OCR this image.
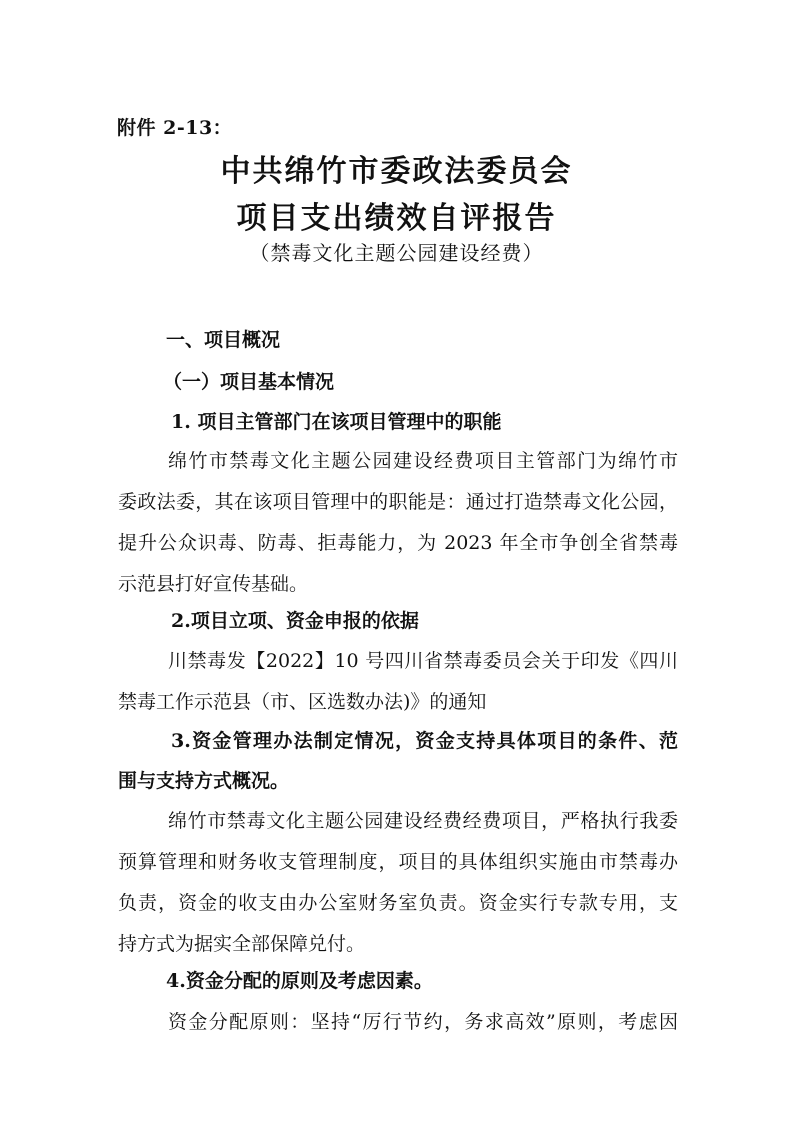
附件 2-13：
中共绵竹市委政法委员会
项目支出绩效自评报告
（禁毒文化主题公园建设经费）
一、项目概况
（一）项目基本情况
1. 项目主管部门在该项目管理中的职能
绵竹市禁毒文化主题公园建设经费项目主管部门为绵竹市
委政法委，其在该项目管理中的职能是：通过打造禁毒文化公园，
提升公众识毒、防毒、拒毒能力，为 2023 年全市争创全省禁毒
示范县打好宣传基础。
2.项目立项、资金申报的依据
川禁毒发【2022】10 号四川省禁毒委员会关于印发《四川
禁毒工作示范县（市、区选数办法)》的通知
3.资金管理办法制定情况，资金支持具体项目的条件、范
围与支持方式概况。
绵竹市禁毒文化主题公园建设经费经费项目，严格执行我委
预算管理和财务收支管理制度，项目的具体组织实施由市禁毒办
负责，资金的收支由办公室财务室负责。资金实行专款专用，支
持方式为据实全部保障兑付。
4.资金分配的原则及考虑因素。
资金分配原则：坚持“厉行节约，务求高效”原则，考虑因
